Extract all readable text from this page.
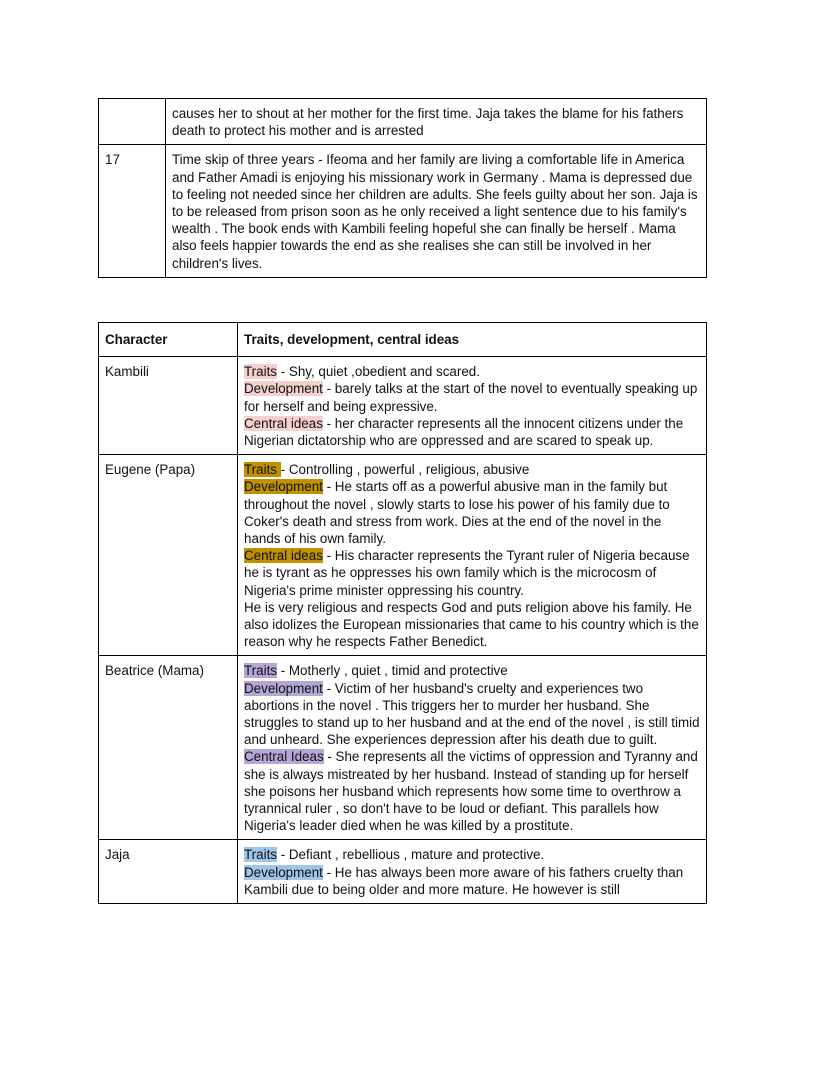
	causes her to shout at her mother for the first time. Jaja takes the blame for his fathers death to protect his mother and is arrested
17	Time skip of three years - Ifeoma and her family are living a comfortable life in America and Father Amadi is enjoying his missionary work in Germany . Mama is depressed due to feeling not needed since her children are adults. She feels guilty about her son. Jaja is to be released from prison soon as he only received a light sentence due to his family's wealth . The book ends with Kambili feeling hopeful she can finally be herself . Mama also feels happier towards the end as she realises she can still be involved in her children's lives.
Character	Traits, development, central ideas
Kambili	Traits - Shy, quiet ,obedient and scared.
Development - barely talks at the start of the novel to eventually speaking up for herself and being expressive.
Central ideas - her character represents all the innocent citizens under the Nigerian dictatorship who are oppressed and are scared to speak up.

Eugene (Papa)	Traits - Controlling , powerful , religious, abusive
Development - He starts off as a powerful abusive man in the family but throughout the novel , slowly starts to lose his power of his family due to Coker's death and stress from work. Dies at the end of the novel in the hands of his own family.
Central ideas - His character represents the Tyrant ruler of Nigeria because he is tyrant as he oppresses his own family which is the microcosm of Nigeria's prime minister oppressing his country.
He is very religious and respects God and puts religion above his family. He also idolizes the European missionaries that came to his country which is the reason why he respects Father Benedict.

Beatrice (Mama)	Traits - Motherly , quiet , timid and protective
Development - Victim of her husband's cruelty and experiences two abortions in the novel . This triggers her to murder her husband. She struggles to stand up to her husband and at the end of the novel , is still timid and unheard. She experiences depression after his death due to guilt.
Central Ideas - She represents all the victims of oppression and Tyranny and she is always mistreated by her husband. Instead of standing up for herself she poisons her husband which represents how some time to overthrow a tyrannical ruler , so don't have to be loud or defiant. This parallels how Nigeria's leader died when he was killed by a prostitute.

Jaja	Traits - Defiant , rebellious , mature and protective.
Development - He has always been more aware of his fathers cruelty than Kambili due to being older and more mature. He however is still
